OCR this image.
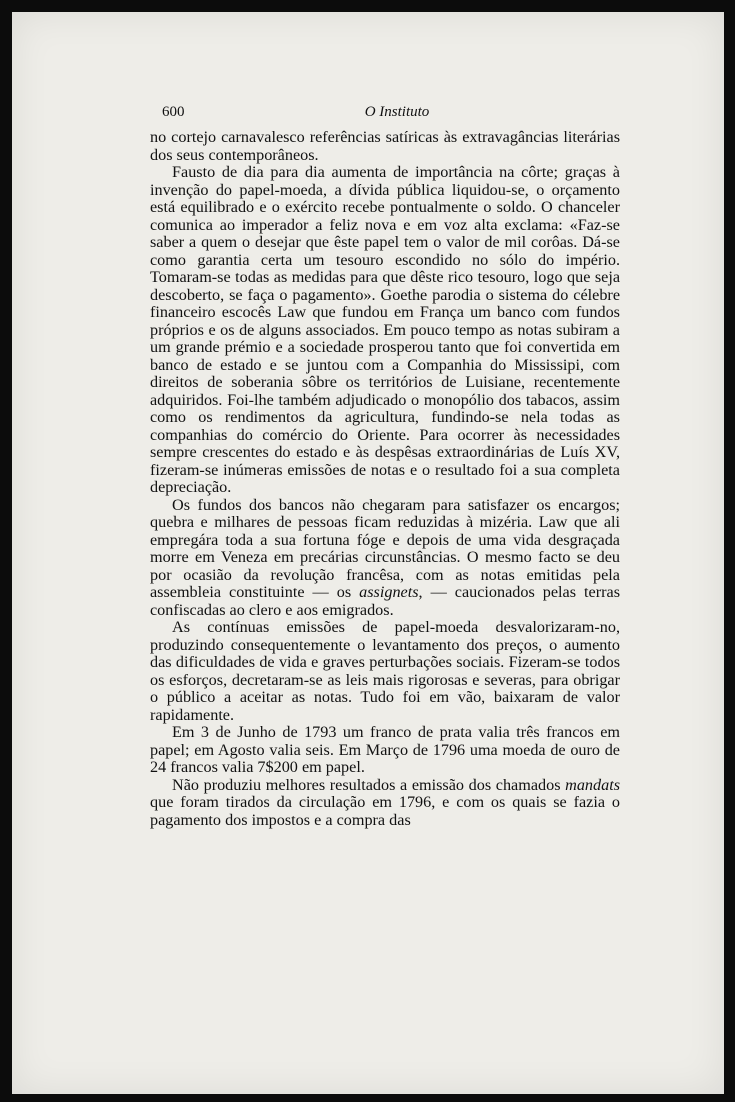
600	O Instituto

no cortejo carnavalesco referências satíricas às extravagâncias literárias dos seus contemporâneos.

Fausto de dia para dia aumenta de importância na côrte; graças à invenção do papel-moeda, a dívida pública liquidou-se, o orçamento está equilibrado e o exército recebe pontualmente o soldo. O chanceler comunica ao imperador a feliz nova e em voz alta exclama: «Faz-se saber a quem o desejar que êste papel tem o valor de mil corôas. Dá-se como garantia certa um tesouro escondido no sólo do império. Tomaram-se todas as medidas para que dêste rico tesouro, logo que seja descoberto, se faça o pagamento». Goethe parodia o sistema do célebre financeiro escocês Law que fundou em França um banco com fundos próprios e os de alguns associados. Em pouco tempo as notas subiram a um grande prémio e a sociedade prosperou tanto que foi convertida em banco de estado e se juntou com a Companhia do Mississipi, com direitos de soberania sôbre os territórios de Luisiane, recentemente adquiridos. Foi-lhe também adjudicado o monopólio dos tabacos, assim como os rendimentos da agricultura, fundindo-se nela todas as companhias do comércio do Oriente. Para ocorrer às necessidades sempre crescentes do estado e às despêsas extraordinárias de Luís XV, fizeram-se inúmeras emissões de notas e o resultado foi a sua completa depreciação.

Os fundos dos bancos não chegaram para satisfazer os encargos; quebra e milhares de pessoas ficam reduzidas à mizéria. Law que ali empregára toda a sua fortuna fóge e depois de uma vida desgraçada morre em Veneza em precárias circunstâncias. O mesmo facto se deu por ocasião da revolução francêsa, com as notas emitidas pela assembleia constituinte — os assignets, — caucionados pelas terras confiscadas ao clero e aos emigrados.

As contínuas emissões de papel-moeda desvalorizaram-no, produzindo consequentemente o levantamento dos preços, o aumento das dificuldades de vida e graves perturbações sociais. Fizeram-se todos os esforços, decretaram-se as leis mais rigorosas e severas, para obrigar o público a aceitar as notas. Tudo foi em vão, baixaram de valor rapidamente.

Em 3 de Junho de 1793 um franco de prata valia três francos em papel; em Agosto valia seis. Em Março de 1796 uma moeda de ouro de 24 francos valia 7$200 em papel.

Não produziu melhores resultados a emissão dos chamados mandats que foram tirados da circulação em 1796, e com os quais se fazia o pagamento dos impostos e a compra das
